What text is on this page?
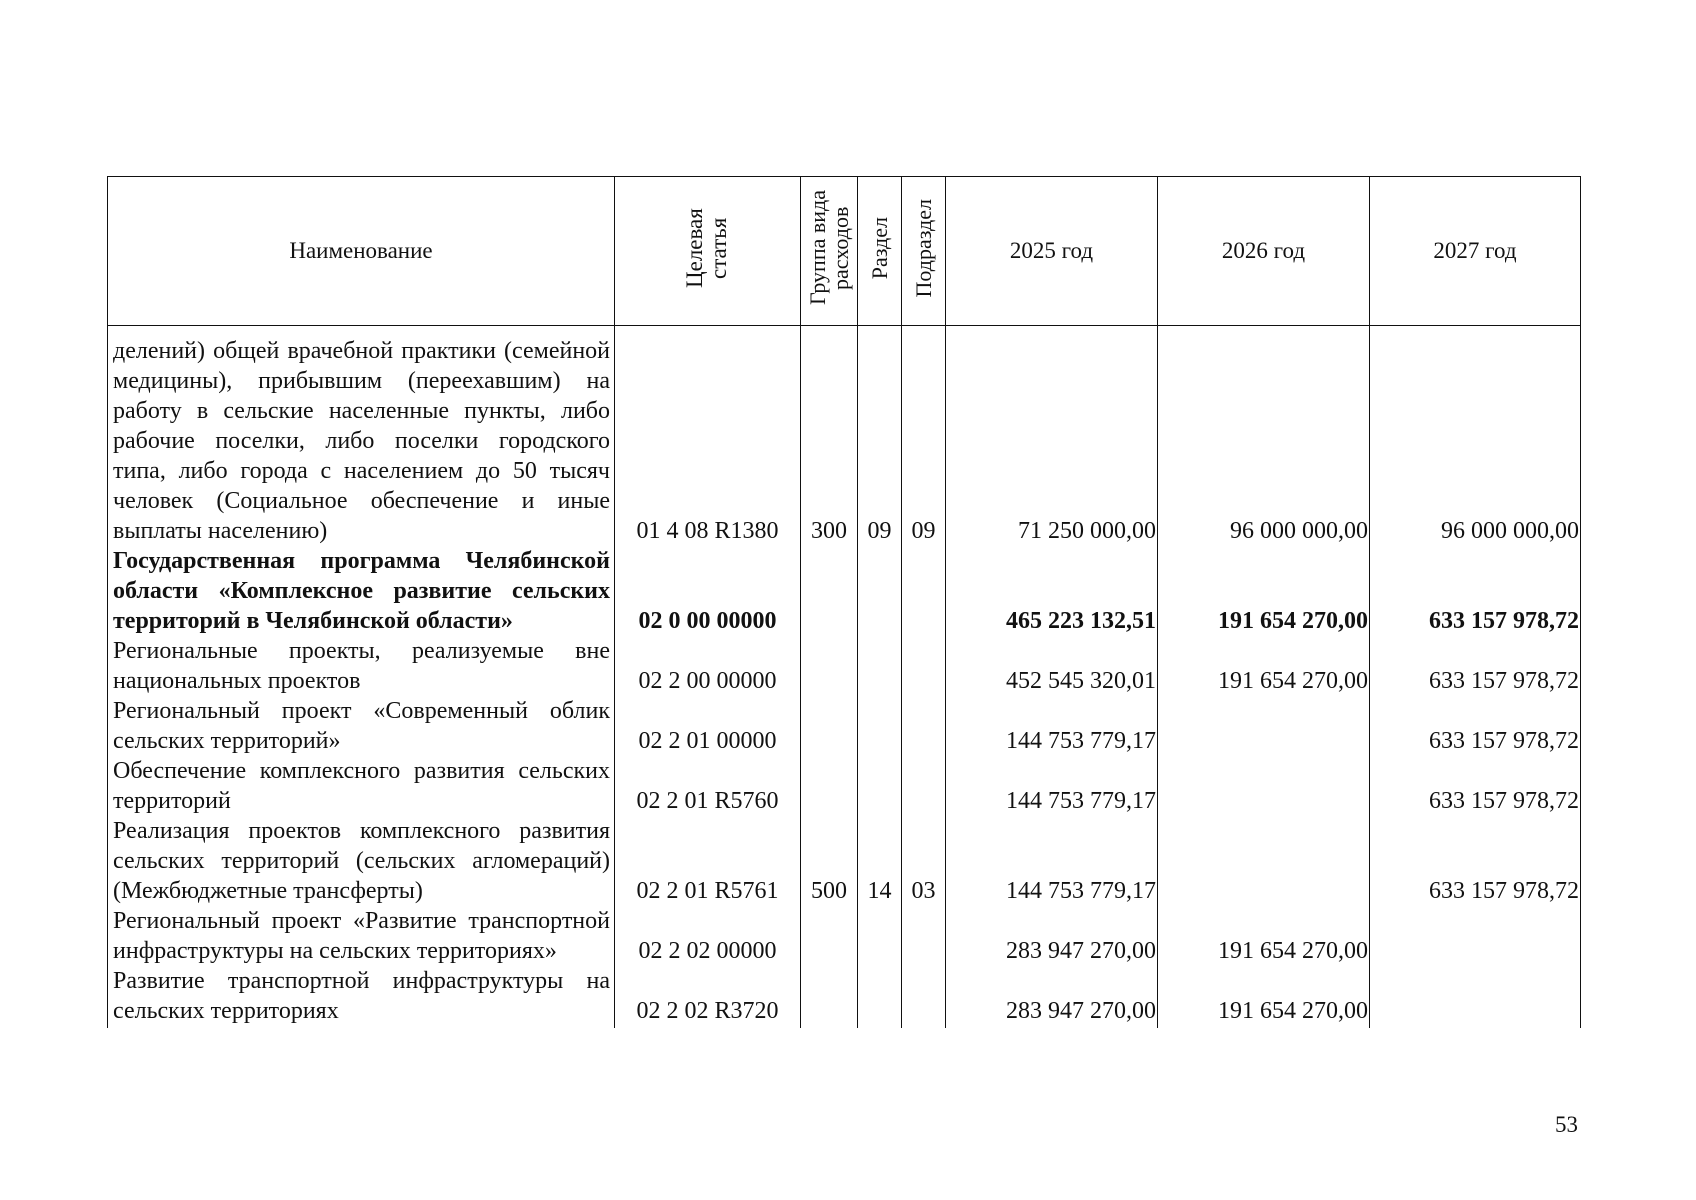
Наименование	Целевая статья	Группа вида расходов	Раздел	Подраздел	2025 год	2026 год	2027 год
делений) общей врачебной практики (семейной медицины), прибывшим (переехавшим) на работу в сельские населенные пункты, либо рабочие поселки, либо поселки городского типа, либо города с населением до 50 тысяч человек (Социальное обеспечение и иные выплаты населению)	01 4 08 R1380	300	09	09	71 250 000,00	96 000 000,00	96 000 000,00
Государственная программа Челябинской области «Комплексное развитие сельских территорий в Челябинской области»	02 0 00 00000				465 223 132,51	191 654 270,00	633 157 978,72
Региональные проекты, реализуемые вне национальных проектов	02 2 00 00000				452 545 320,01	191 654 270,00	633 157 978,72
Региональный проект «Современный облик сельских территорий»	02 2 01 00000				144 753 779,17		633 157 978,72
Обеспечение комплексного развития сельских территорий	02 2 01 R5760				144 753 779,17		633 157 978,72
Реализация проектов комплексного развития сельских территорий (сельских агломераций) (Межбюджетные трансферты)	02 2 01 R5761	500	14	03	144 753 779,17		633 157 978,72
Региональный проект «Развитие транспортной инфраструктуры на сельских территориях»	02 2 02 00000				283 947 270,00	191 654 270,00	
Развитие транспортной инфраструктуры на сельских территориях	02 2 02 R3720				283 947 270,00	191 654 270,00	
53
